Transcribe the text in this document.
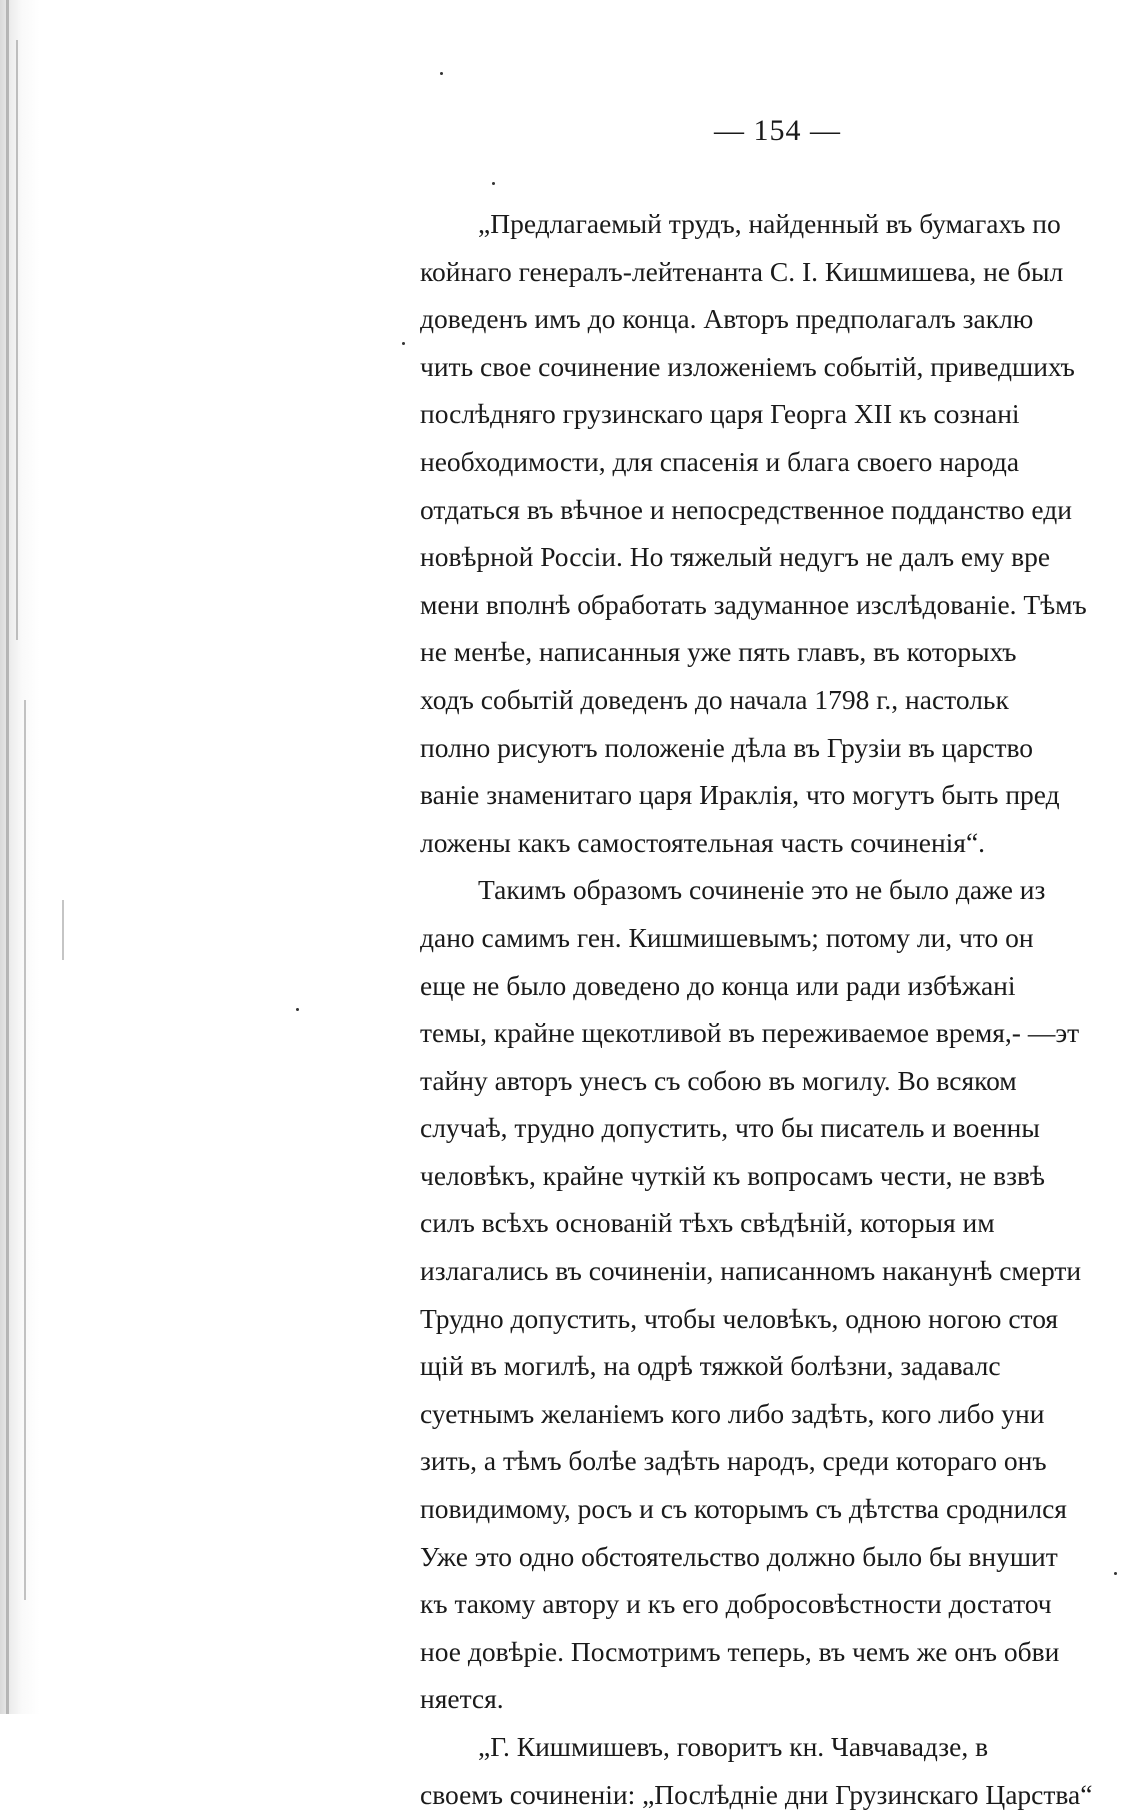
— 154 —
„Предлагаемый трудъ, найденный въ бумагахъ по
койнаго генералъ-лейтенанта С. I. Кишмишева, не был
доведенъ имъ до конца. Авторъ предполагалъ заклю
чить свое сочинение изложенiемъ событiй, приведшихъ
послѣдняго грузинскаго царя Георга XII къ сознанi
необходимости, для спасенiя и блага своего народа
отдаться въ вѣчное и непосредственное подданство еди
новѣрной Россiи. Но тяжелый недугъ не далъ ему вре
мени вполнѣ обработать задуманное изслѣдованiе. Тѣмъ
не менѣе, написанныя уже пять главъ, въ которыхъ
ходъ событiй доведенъ до начала 1798 г., настольк
полно рисуютъ положенiе дѣла въ Грузiи въ царство
ванiе знаменитаго царя Ираклiя, что могутъ быть пред
ложены какъ самостоятельная часть сочиненiя“.
Такимъ образомъ сочиненiе это не было даже из
дано самимъ ген. Кишмишевымъ; потому ли, что он
еще не было доведено до конца или ради избѣжанi
темы, крайне щекотливой въ переживаемое время,- —эт
тайну авторъ унесъ съ собою въ могилу. Во всяком
случаѣ, трудно допустить, что бы писатель и военны
человѣкъ, крайне чуткiй къ вопросамъ чести, не взвѣ
силъ всѣхъ основанiй тѣхъ свѣдѣнiй, которыя им
излагались въ сочиненiи, написанномъ наканунѣ смерти
Трудно допустить, чтобы человѣкъ, одною ногою стоя
щiй въ могилѣ, на одрѣ тяжкой болѣзни, задавалс
суетнымъ желанiемъ кого либо задѣть, кого либо уни
зить, а тѣмъ болѣе задѣть народъ, среди котораго онъ
повидимому, росъ и съ которымъ съ дѣтства сроднился
Уже это одно обстоятельство должно было бы внушит
къ такому автору и къ его добросовѣстности достаточ
ное довѣрiе. Посмотримъ теперь, въ чемъ же онъ обви
няется.
„Г. Кишмишевъ, говоритъ кн. Чавчавадзе, в
своемъ сочиненiи: „Послѣднiе дни Грузинскаго Царства“
